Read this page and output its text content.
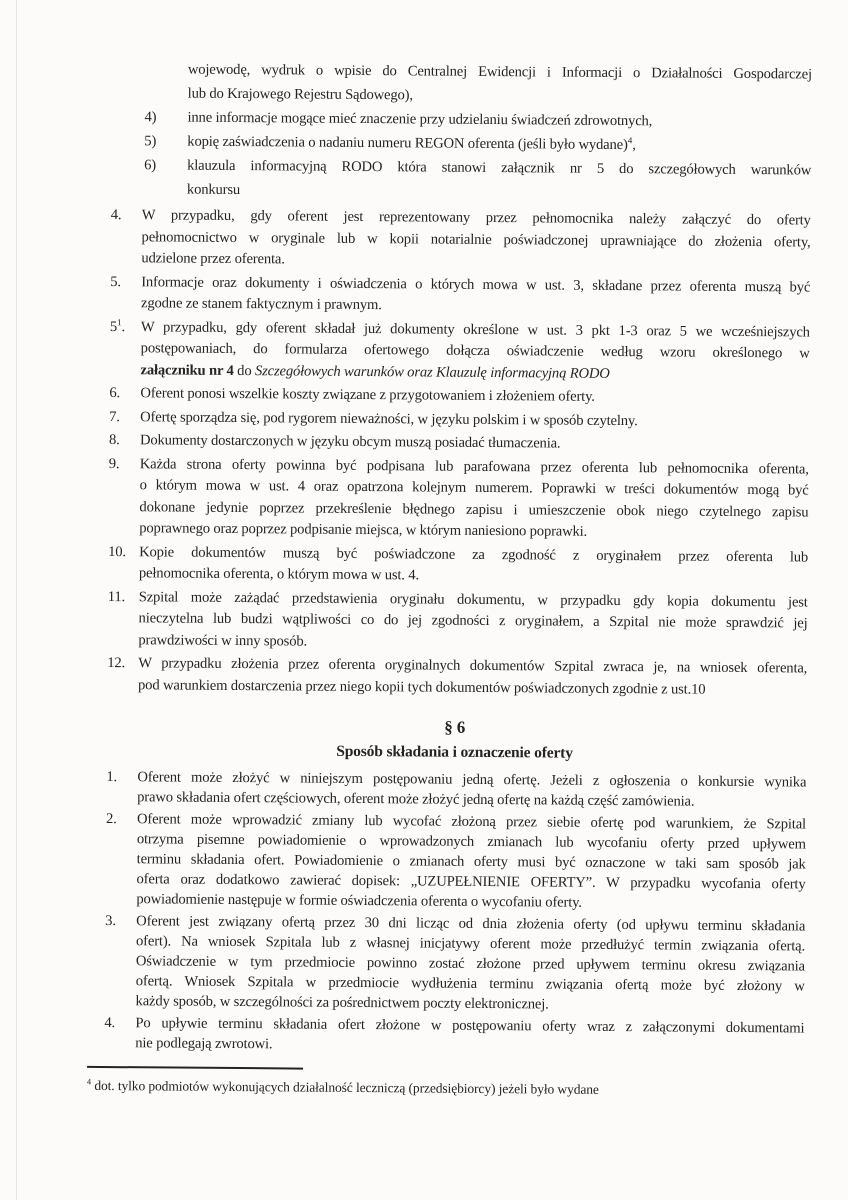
wojewodę, wydruk o wpisie do Centralnej Ewidencji i Informacji o Działalności Gospodarczej
lub do Krajowego Rejestru Sądowego),
4)	inne informacje mogące mieć znaczenie przy udzielaniu świadczeń zdrowotnych,
5)	kopię zaświadczenia o nadaniu numeru REGON oferenta (jeśli było wydane)$^4$,
6)	klauzula informacyjną RODO która stanowi załącznik nr 5 do szczegółowych warunków
konkursu
4.	W przypadku, gdy oferent jest reprezentowany przez pełnomocnika należy załączyć do oferty
pełnomocnictwo w oryginale lub w kopii notarialnie poświadczonej uprawniające do złożenia oferty,
udzielone przez oferenta.
5.	Informacje oraz dokumenty i oświadczenia o których mowa w ust. 3, składane przez oferenta muszą być
zgodne ze stanem faktycznym i prawnym.
$5^1$.	W przypadku, gdy oferent składał już dokumenty określone w ust. 3 pkt 1-3 oraz 5 we wcześniejszych
postępowaniach, do formularza ofertowego dołącza oświadczenie według wzoru określonego w
załączniku nr 4 do Szczegółowych warunków oraz Klauzulę informacyjną RODO
6.	Oferent ponosi wszelkie koszty związane z przygotowaniem i złożeniem oferty.
7.	Ofertę sporządza się, pod rygorem nieważności, w języku polskim i w sposób czytelny.
8.	Dokumenty dostarczonych w języku obcym muszą posiadać tłumaczenia.
9.	Każda strona oferty powinna być podpisana lub parafowana przez oferenta lub pełnomocnika oferenta,
o którym mowa w ust. 4 oraz opatrzona kolejnym numerem. Poprawki w treści dokumentów mogą być
dokonane jedynie poprzez przekreślenie błędnego zapisu i umieszczenie obok niego czytelnego zapisu
poprawnego oraz poprzez podpisanie miejsca, w którym naniesiono poprawki.
10. Kopie dokumentów muszą być poświadczone za zgodność z oryginałem przez oferenta lub
pełnomocnika oferenta, o którym mowa w ust. 4.
11. Szpital może zażądać przedstawienia oryginału dokumentu, w przypadku gdy kopia dokumentu jest
nieczytelna lub budzi wątpliwości co do jej zgodności z oryginałem, a Szpital nie może sprawdzić jej
prawdziwości w inny sposób.
12. W przypadku złożenia przez oferenta oryginalnych dokumentów Szpital zwraca je, na wniosek oferenta,
pod warunkiem dostarczenia przez niego kopii tych dokumentów poświadczonych zgodnie z ust.10
§ 6
Sposób składania i oznaczenie oferty
1.	Oferent może złożyć w niniejszym postępowaniu jedną ofertę. Jeżeli z ogłoszenia o konkursie wynika
prawo składania ofert częściowych, oferent może złożyć jedną ofertę na każdą część zamówienia.
2.	Oferent może wprowadzić zmiany lub wycofać złożoną przez siebie ofertę pod warunkiem, że Szpital
otrzyma pisemne powiadomienie o wprowadzonych zmianach lub wycofaniu oferty przed upływem
terminu składania ofert. Powiadomienie o zmianach oferty musi być oznaczone w taki sam sposób jak
oferta oraz dodatkowo zawierać dopisek: „UZUPEŁNIENIE OFERTY”. W przypadku wycofania oferty
powiadomienie następuje w formie oświadczenia oferenta o wycofaniu oferty.
3.	Oferent jest związany ofertą przez 30 dni licząc od dnia złożenia oferty (od upływu terminu składania
ofert). Na wniosek Szpitala lub z własnej inicjatywy oferent może przedłużyć termin związania ofertą.
Oświadczenie w tym przedmiocie powinno zostać złożone przed upływem terminu okresu związania
ofertą. Wniosek Szpitala w przedmiocie wydłużenia terminu związania ofertą może być złożony w
każdy sposób, w szczególności za pośrednictwem poczty elektronicznej.
4.	Po upływie terminu składania ofert złożone w postępowaniu oferty wraz z załączonymi dokumentami
nie podlegają zwrotowi.
$^4$ dot. tylko podmiotów wykonujących działalność leczniczą (przedsiębiorcy) jeżeli było wydane
